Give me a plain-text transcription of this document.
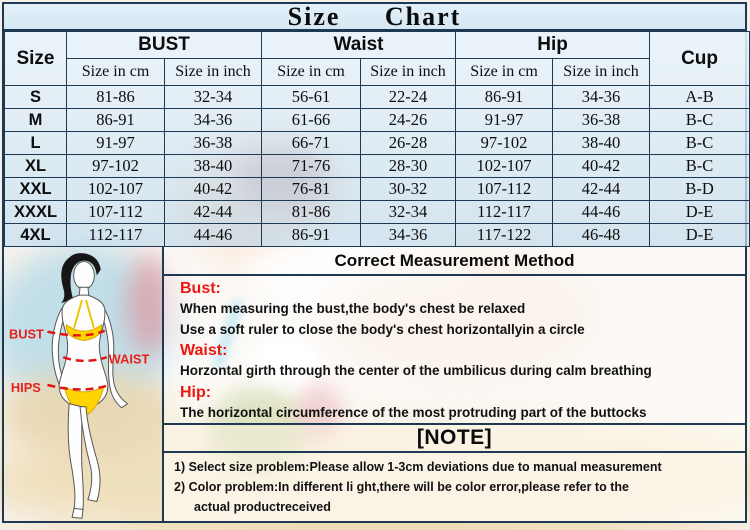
Size Chart
Size	BUST		Waist		Hip		Cup
	Size in cm	Size in inch	Size in cm	Size in inch	Size in cm	Size in inch	
S	81-86	32-34	56-61	22-24	86-91	34-36	A-B
M	86-91	34-36	61-66	24-26	91-97	36-38	B-C
L	91-97	36-38	66-71	26-28	97-102	38-40	B-C
XL	97-102	38-40	71-76	28-30	102-107	40-42	B-C
XXL	102-107	40-42	76-81	30-32	107-112	42-44	B-D
XXXL	107-112	42-44	81-86	32-34	112-117	44-46	D-E
4XL	112-117	44-46	86-91	34-36	117-122	46-48	D-E
BUST
WAIST
HIPS
Correct Measurement Method
Bust:
When measuring the bust,the body's chest be relaxed
Use a soft ruler to close the body's chest horizontallyin a circle
Waist:
Horzontal girth through the center of the umbilicus during calm breathing
Hip:
The horizontal circumference of the most protruding part of the buttocks
[NOTE]
1) Select size problem:Please allow 1-3cm deviations due to manual measurement
2) Color problem:In different li ght,there will be color error,please refer to the
actual productreceived
